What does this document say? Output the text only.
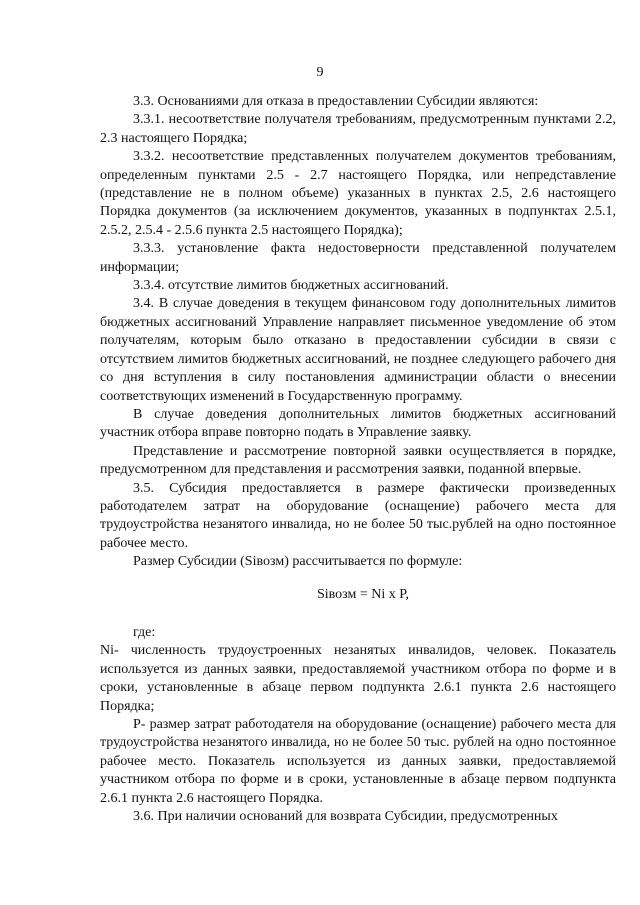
9

3.3. Основаниями для отказа в предоставлении Субсидии являются:

3.3.1. несоответствие получателя требованиям, предусмотренным пунктами 2.2, 2.3 настоящего Порядка;

3.3.2. несоответствие представленных получателем документов требованиям, определенным пунктами 2.5 - 2.7 настоящего Порядка, или непредставление (представление не в полном объеме) указанных в пунктах 2.5, 2.6 настоящего Порядка документов (за исключением документов, указанных в подпунктах 2.5.1, 2.5.2, 2.5.4 - 2.5.6 пункта 2.5 настоящего Порядка);

3.3.3. установление факта недостоверности представленной получателем информации;

3.3.4. отсутствие лимитов бюджетных ассигнований.

3.4. В случае доведения в текущем финансовом году дополнительных лимитов бюджетных ассигнований Управление направляет письменное уведомление об этом получателям, которым было отказано в предоставлении субсидии в связи с отсутствием лимитов бюджетных ассигнований, не позднее следующего рабочего дня со дня вступления в силу постановления администрации области о внесении соответствующих изменений в Государственную программу.

В случае доведения дополнительных лимитов бюджетных ассигнований участник отбора вправе повторно подать в Управление заявку.

Представление и рассмотрение повторной заявки осуществляется в порядке, предусмотренном для представления и рассмотрения заявки, поданной впервые.

3.5. Субсидия предоставляется в размере фактически произведенных работодателем затрат на оборудование (оснащение) рабочего места для трудоустройства незанятого инвалида, но не более 50 тыс.рублей на одно постоянное рабочее место.

Размер Субсидии (Siвозм) рассчитывается по формуле:

Siвозм = Ni х P,

где:

Ni- численность трудоустроенных незанятых инвалидов, человек. Показатель используется из данных заявки, предоставляемой участником отбора по форме и в сроки, установленные в абзаце первом подпункта 2.6.1 пункта 2.6 настоящего Порядка;

P- размер затрат работодателя на оборудование (оснащение) рабочего места для трудоустройства незанятого инвалида, но не более 50 тыс. рублей на одно постоянное рабочее место. Показатель используется из данных заявки, предоставляемой участником отбора по форме и в сроки, установленные в абзаце первом подпункта 2.6.1 пункта 2.6 настоящего Порядка.

3.6. При наличии оснований для возврата Субсидии, предусмотренных
